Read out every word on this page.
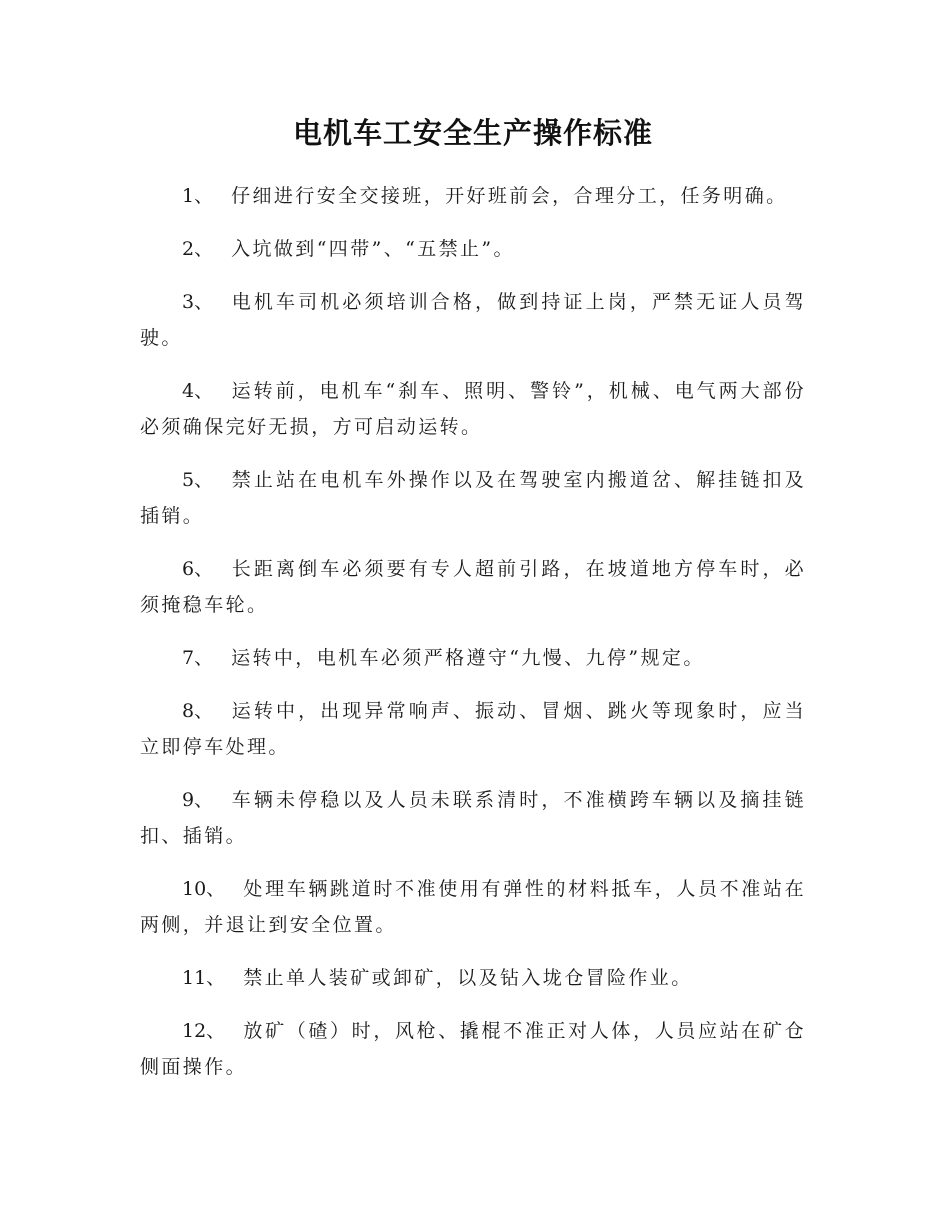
电机车工安全生产操作标准

1、 仔细进行安全交接班，开好班前会，合理分工，任务明确。

2、 入坑做到“四带”、“五禁止”。

3、 电机车司机必须培训合格，做到持证上岗，严禁无证人员驾驶。

4、 运转前，电机车“刹车、照明、警铃”，机械、电气两大部份必须确保完好无损，方可启动运转。

5、 禁止站在电机车外操作以及在驾驶室内搬道岔、解挂链扣及插销。

6、 长距离倒车必须要有专人超前引路，在坡道地方停车时，必须掩稳车轮。

7、 运转中，电机车必须严格遵守“九慢、九停”规定。

8、 运转中，出现异常响声、振动、冒烟、跳火等现象时，应当立即停车处理。

9、 车辆未停稳以及人员未联系清时，不准横跨车辆以及摘挂链扣、插销。

10、 处理车辆跳道时不准使用有弹性的材料抵车，人员不准站在两侧，并退让到安全位置。

11、 禁止单人装矿或卸矿，以及钻入垅仓冒险作业。

12、 放矿（碴）时，风枪、撬棍不准正对人体，人员应站在矿仓侧面操作。
